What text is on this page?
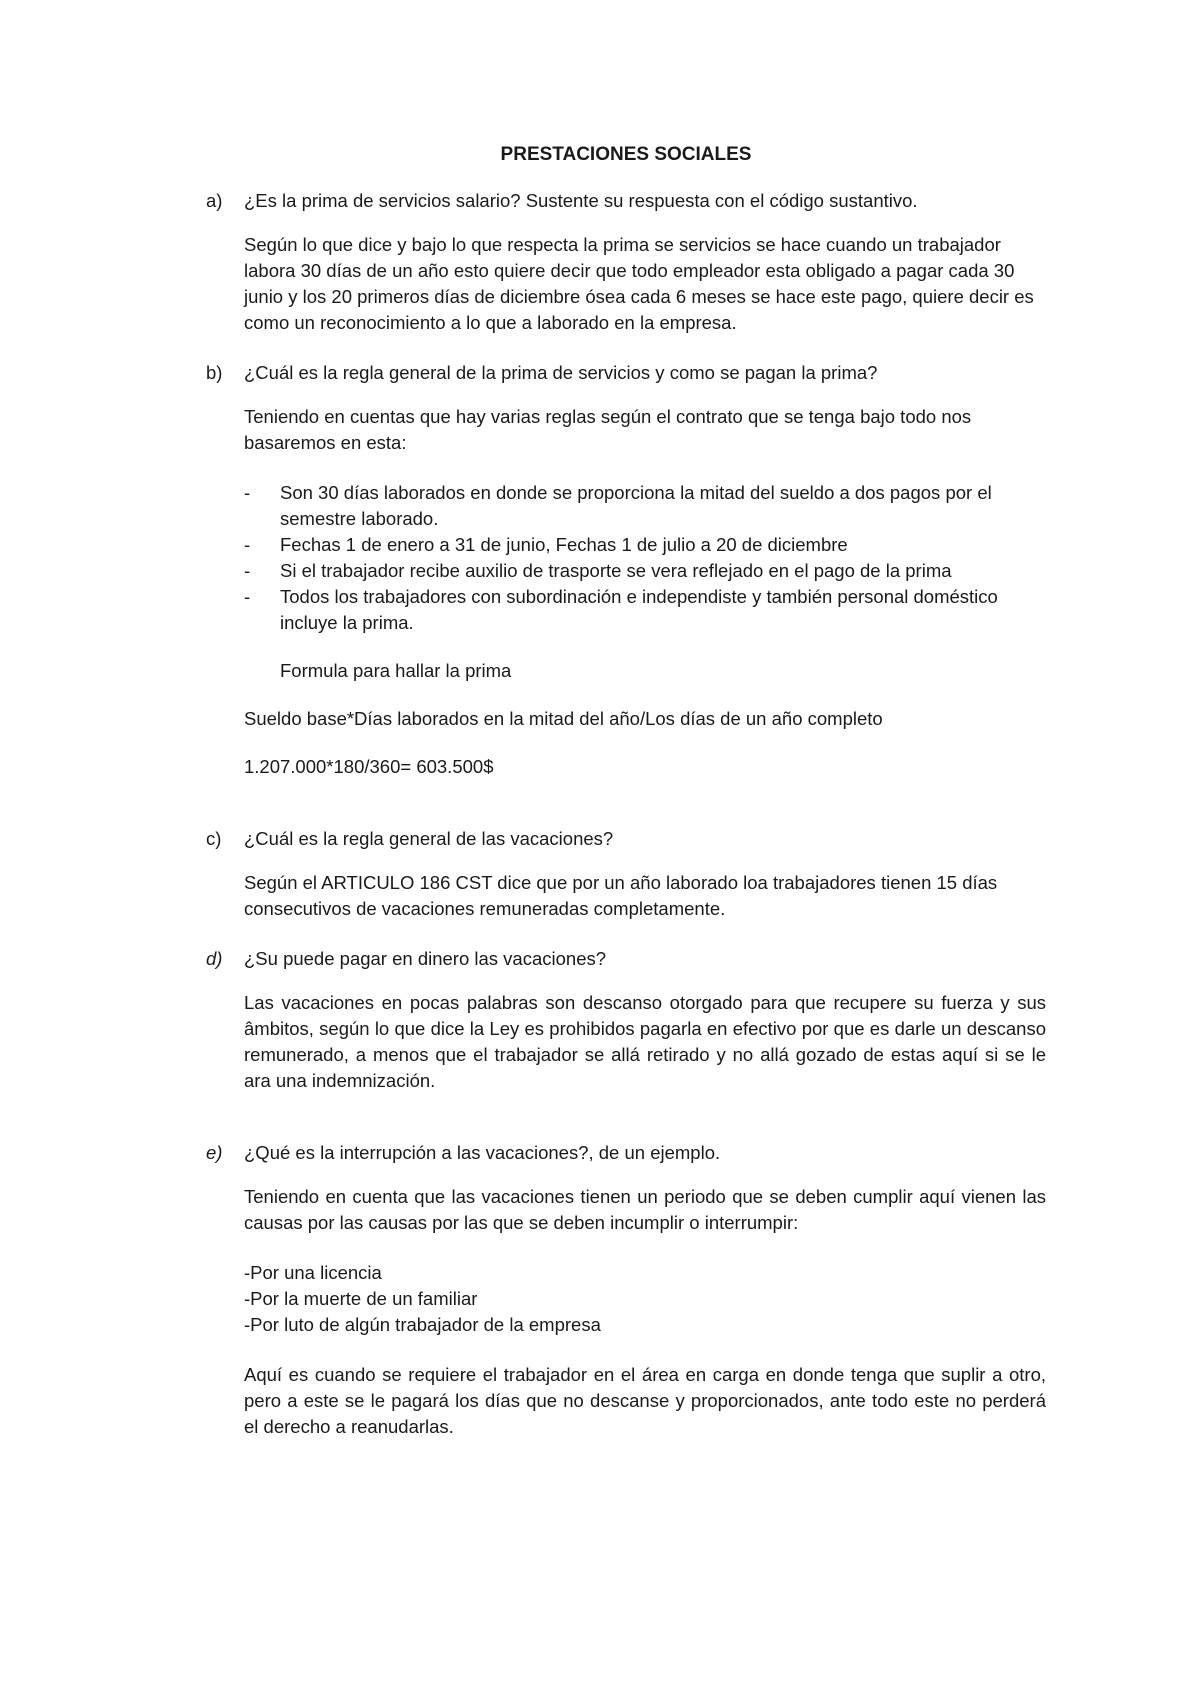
PRESTACIONES SOCIALES
a) ¿Es la prima de servicios salario? Sustente su respuesta con el código sustantivo.
Según lo que dice y bajo lo que respecta la prima se servicios se hace cuando un trabajador labora 30 días de un año esto quiere decir que todo empleador esta obligado a pagar cada 30 junio y los 20 primeros días de diciembre ósea cada 6 meses se hace este pago, quiere decir es como un reconocimiento a lo que a laborado en la empresa.
b) ¿Cuál es la regla general de la prima de servicios y como se pagan la prima?
Teniendo en cuentas que hay varias reglas según el contrato que se tenga bajo todo nos basaremos en esta:
- Son 30 días laborados en donde se proporciona la mitad del sueldo a dos pagos por el semestre laborado.
- Fechas 1 de enero a 31 de junio, Fechas 1 de julio a 20 de diciembre
- Si el trabajador recibe auxilio de trasporte se vera reflejado en el pago de la prima
- Todos los trabajadores con subordinación e independiste y también personal doméstico incluye la prima.
Formula para hallar la prima
Sueldo base*Días laborados en la mitad del año/Los días de un año completo
1.207.000*180/360= 603.500$
c) ¿Cuál es la regla general de las vacaciones?
Según el ARTICULO 186 CST dice que por un año laborado loa trabajadores tienen 15 días consecutivos de vacaciones remuneradas completamente.
d) ¿Su puede pagar en dinero las vacaciones?
Las vacaciones en pocas palabras son descanso otorgado para que recupere su fuerza y sus âmbitos, según lo que dice la Ley es prohibidos pagarla en efectivo por que es darle un descanso remunerado, a menos que el trabajador se allá retirado y no allá gozado de estas aquí si se le ara una indemnización.
e) ¿Qué es la interrupción a las vacaciones?, de un ejemplo.
Teniendo en cuenta que las vacaciones tienen un periodo que se deben cumplir aquí vienen las causas por las causas por las que se deben incumplir o interrumpir:
-Por una licencia
-Por la muerte de un familiar
-Por luto de algún trabajador de la empresa
Aquí es cuando se requiere el trabajador en el área en carga en donde tenga que suplir a otro, pero a este se le pagará los días que no descanse y proporcionados, ante todo este no perderá el derecho a reanudarlas.
